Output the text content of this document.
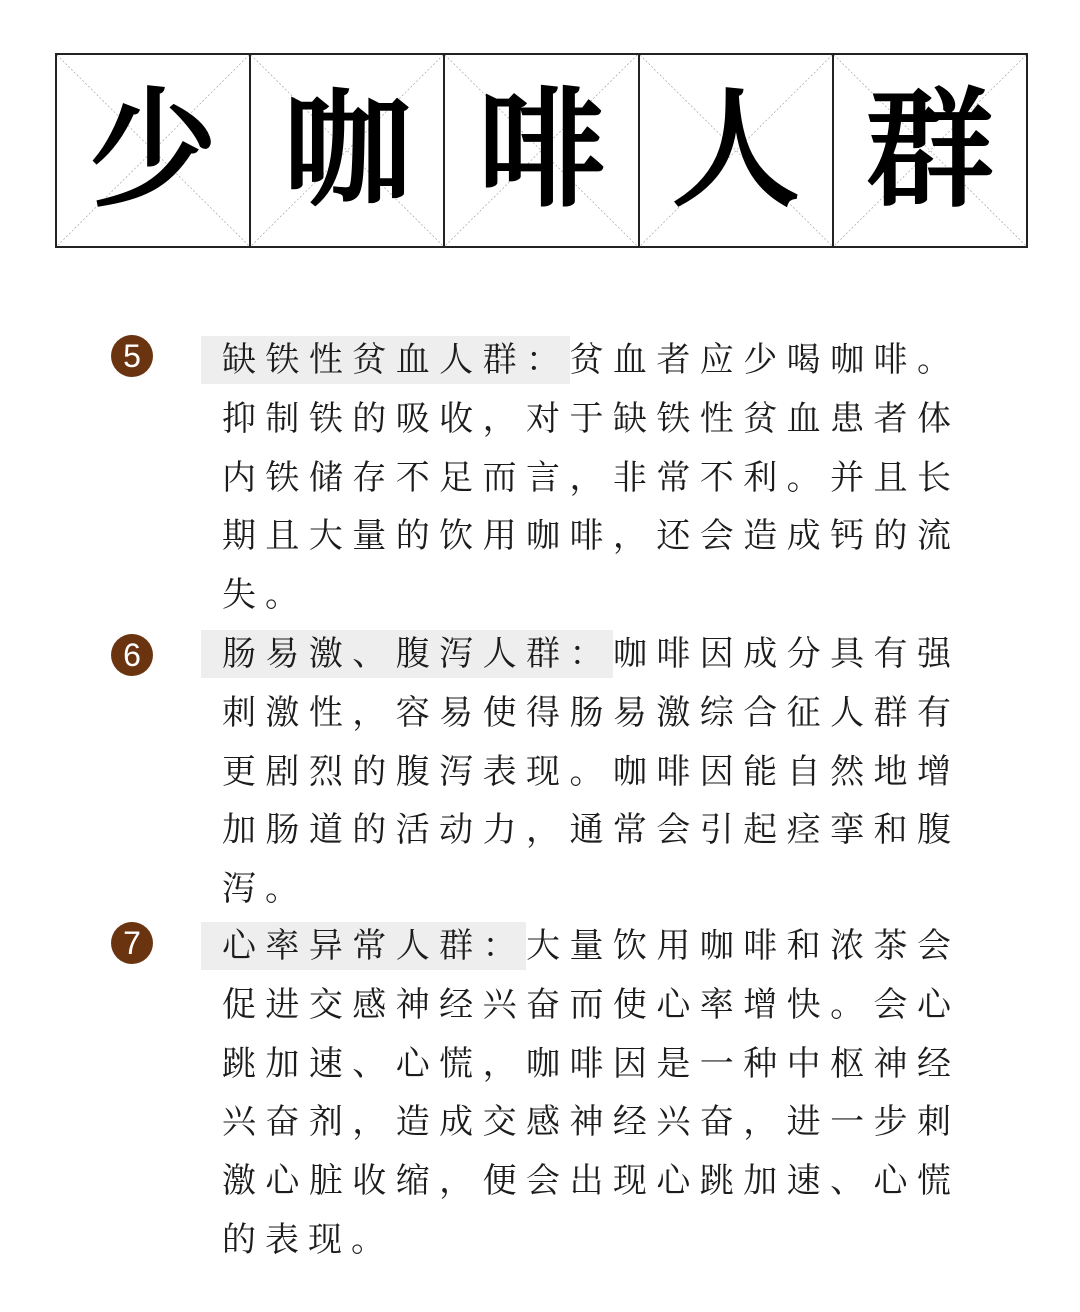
少 咖 啡 人 群
5	缺铁性贫血人群：贫血者应少喝咖啡。抑制铁的吸收，对于缺铁性贫血患者体内铁储存不足而言，非常不利。并且长期且大量的饮用咖啡，还会造成钙的流失。
6	肠易激、腹泻人群：咖啡因成分具有强刺激性，容易使得肠易激综合征人群有更剧烈的腹泻表现。咖啡因能自然地增加肠道的活动力，通常会引起痉挛和腹泻。
7	心率异常人群：大量饮用咖啡和浓茶会促进交感神经兴奋而使心率增快。会心跳加速、心慌，咖啡因是一种中枢神经兴奋剂，造成交感神经兴奋，进一步刺激心脏收缩，便会出现心跳加速、心慌的表现。
